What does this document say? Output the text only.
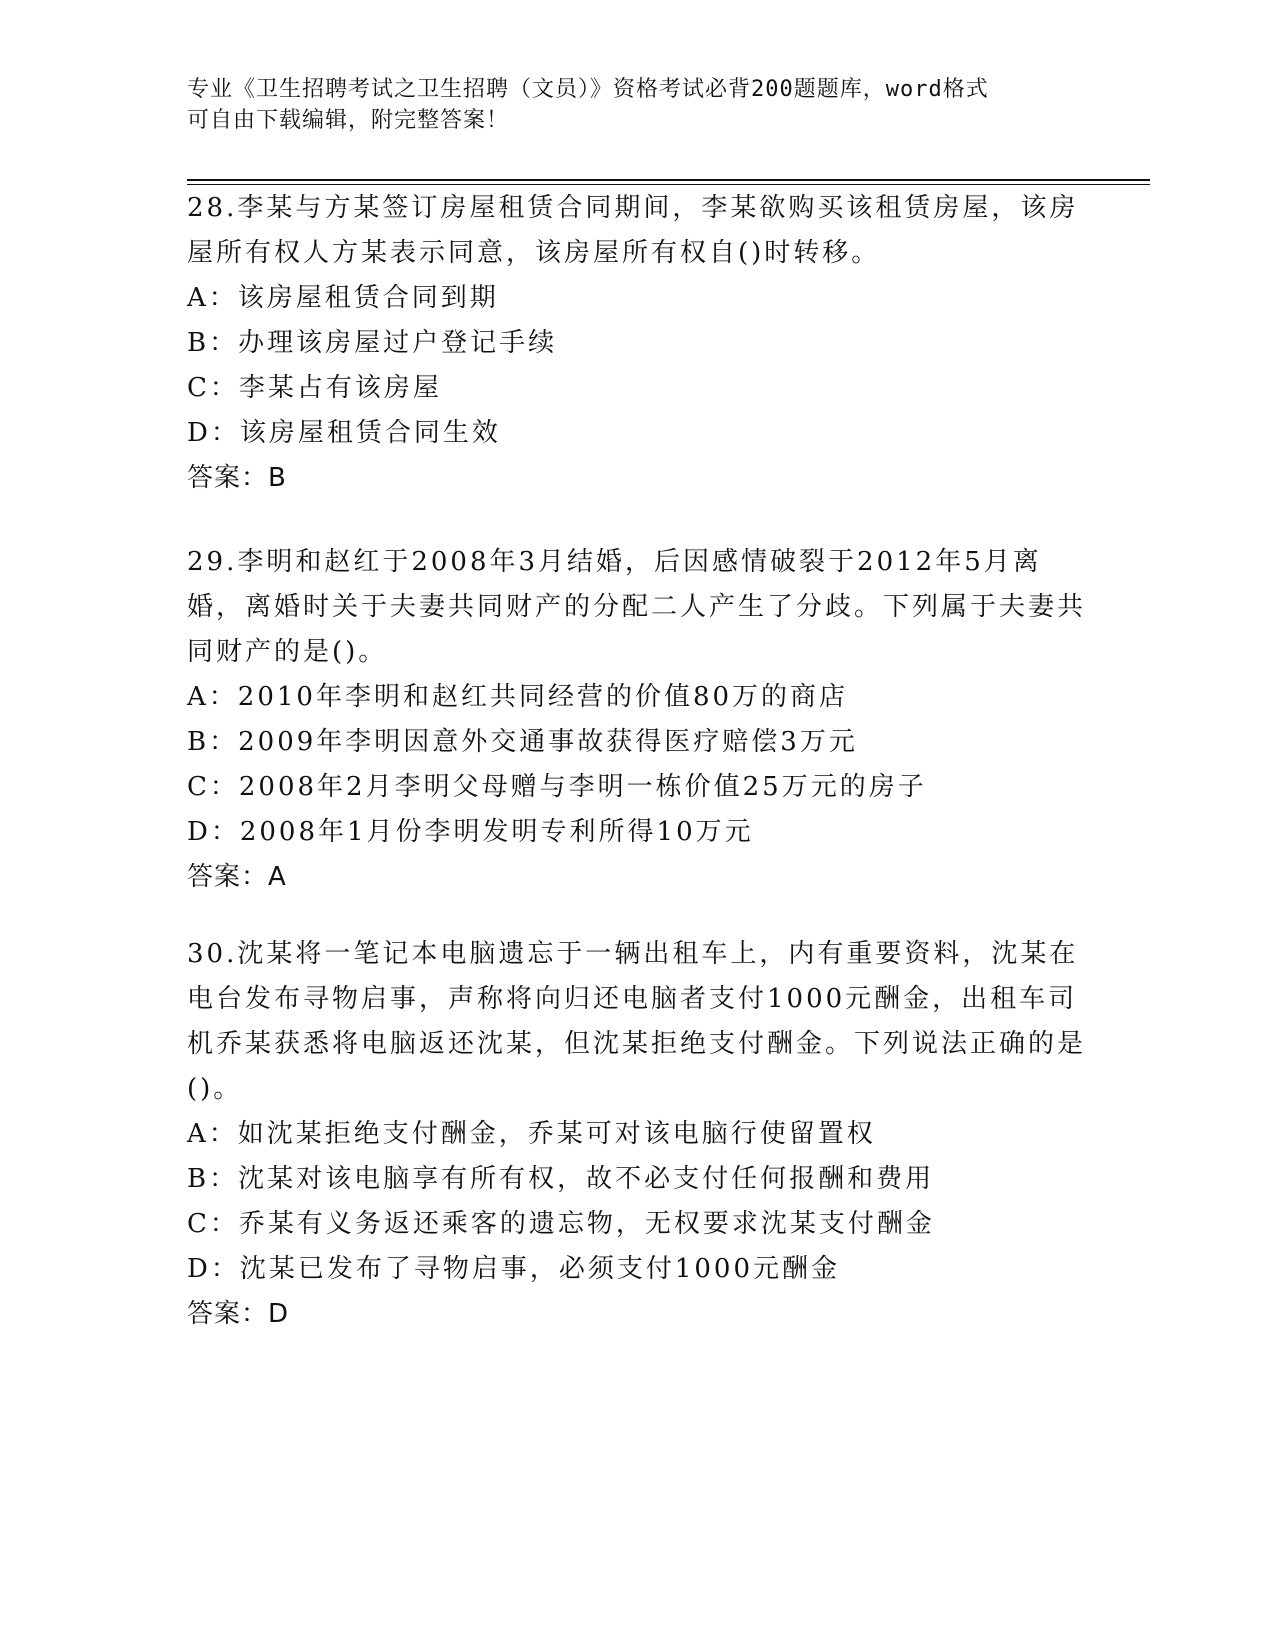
专业《卫生招聘考试之卫生招聘（文员）》资格考试必背200题题库，word格式
可自由下载编辑，附完整答案！
28.李某与方某签订房屋租赁合同期间，李某欲购买该租赁房屋，该房屋所有权人方某表示同意，该房屋所有权自()时转移。
A：该房屋租赁合同到期
B：办理该房屋过户登记手续
C：李某占有该房屋
D：该房屋租赁合同生效
答案：B
29.李明和赵红于2008年3月结婚，后因感情破裂于2012年5月离婚，离婚时关于夫妻共同财产的分配二人产生了分歧。下列属于夫妻共同财产的是()。
A：2010年李明和赵红共同经营的价值80万的商店
B：2009年李明因意外交通事故获得医疗赔偿3万元
C：2008年2月李明父母赠与李明一栋价值25万元的房子
D：2008年1月份李明发明专利所得10万元
答案：A
30.沈某将一笔记本电脑遗忘于一辆出租车上，内有重要资料，沈某在电台发布寻物启事，声称将向归还电脑者支付1000元酬金，出租车司机乔某获悉将电脑返还沈某，但沈某拒绝支付酬金。下列说法正确的是()。
A：如沈某拒绝支付酬金，乔某可对该电脑行使留置权
B：沈某对该电脑享有所有权，故不必支付任何报酬和费用
C：乔某有义务返还乘客的遗忘物，无权要求沈某支付酬金
D：沈某已发布了寻物启事，必须支付1000元酬金
答案：D
